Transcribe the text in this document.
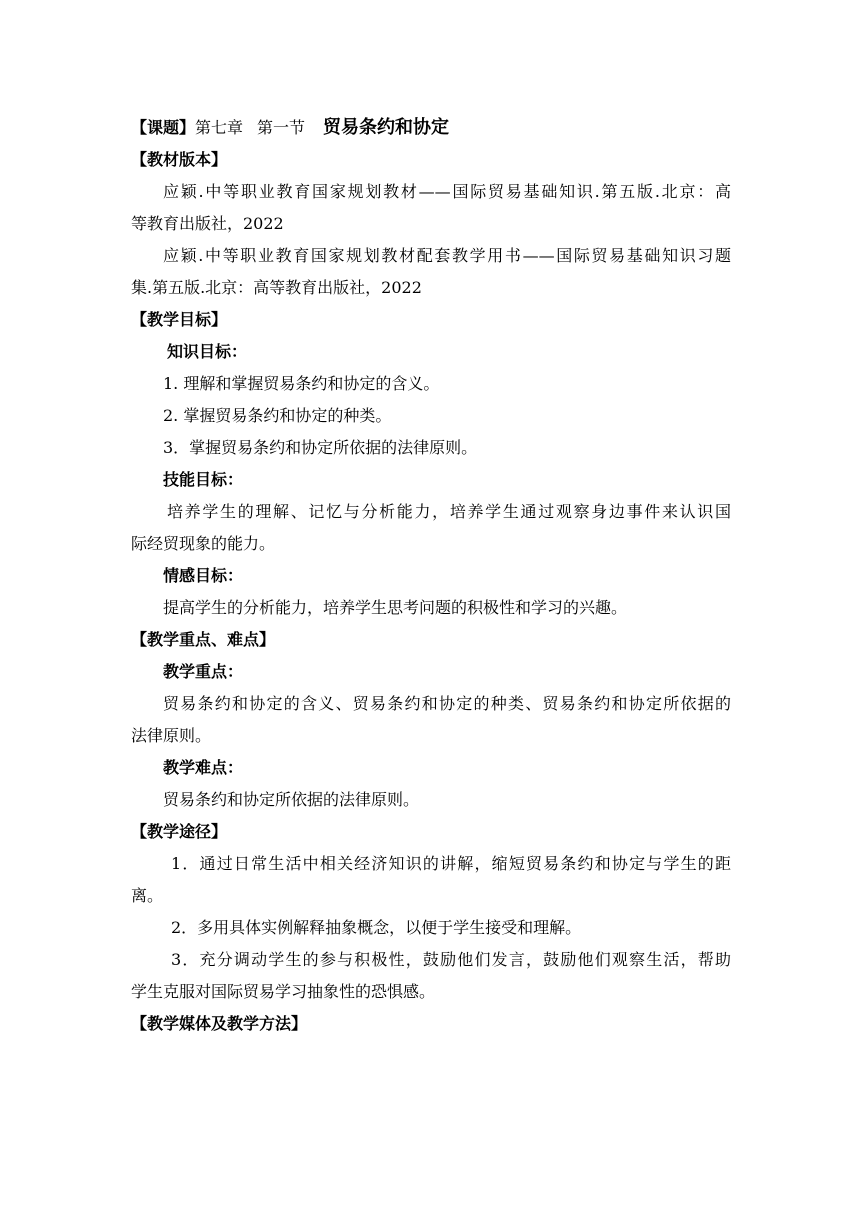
【课题】第七章 第一节 贸易条约和协定
【教材版本】
应颖.中等职业教育国家规划教材——国际贸易基础知识.第五版.北京：高
等教育出版社，2022
应颖.中等职业教育国家规划教材配套教学用书——国际贸易基础知识习题
集.第五版.北京：高等教育出版社，2022
【教学目标】
知识目标：
1. 理解和掌握贸易条约和协定的含义。
2. 掌握贸易条约和协定的种类。
3．掌握贸易条约和协定所依据的法律原则。
技能目标：
培养学生的理解、记忆与分析能力，培养学生通过观察身边事件来认识国
际经贸现象的能力。
情感目标：
提高学生的分析能力，培养学生思考问题的积极性和学习的兴趣。
【教学重点、难点】
教学重点：
贸易条约和协定的含义、贸易条约和协定的种类、贸易条约和协定所依据的
法律原则。
教学难点：
贸易条约和协定所依据的法律原则。
【教学途径】
1．通过日常生活中相关经济知识的讲解，缩短贸易条约和协定与学生的距
离。
2．多用具体实例解释抽象概念，以便于学生接受和理解。
3．充分调动学生的参与积极性，鼓励他们发言，鼓励他们观察生活，帮助
学生克服对国际贸易学习抽象性的恐惧感。
【教学媒体及教学方法】
